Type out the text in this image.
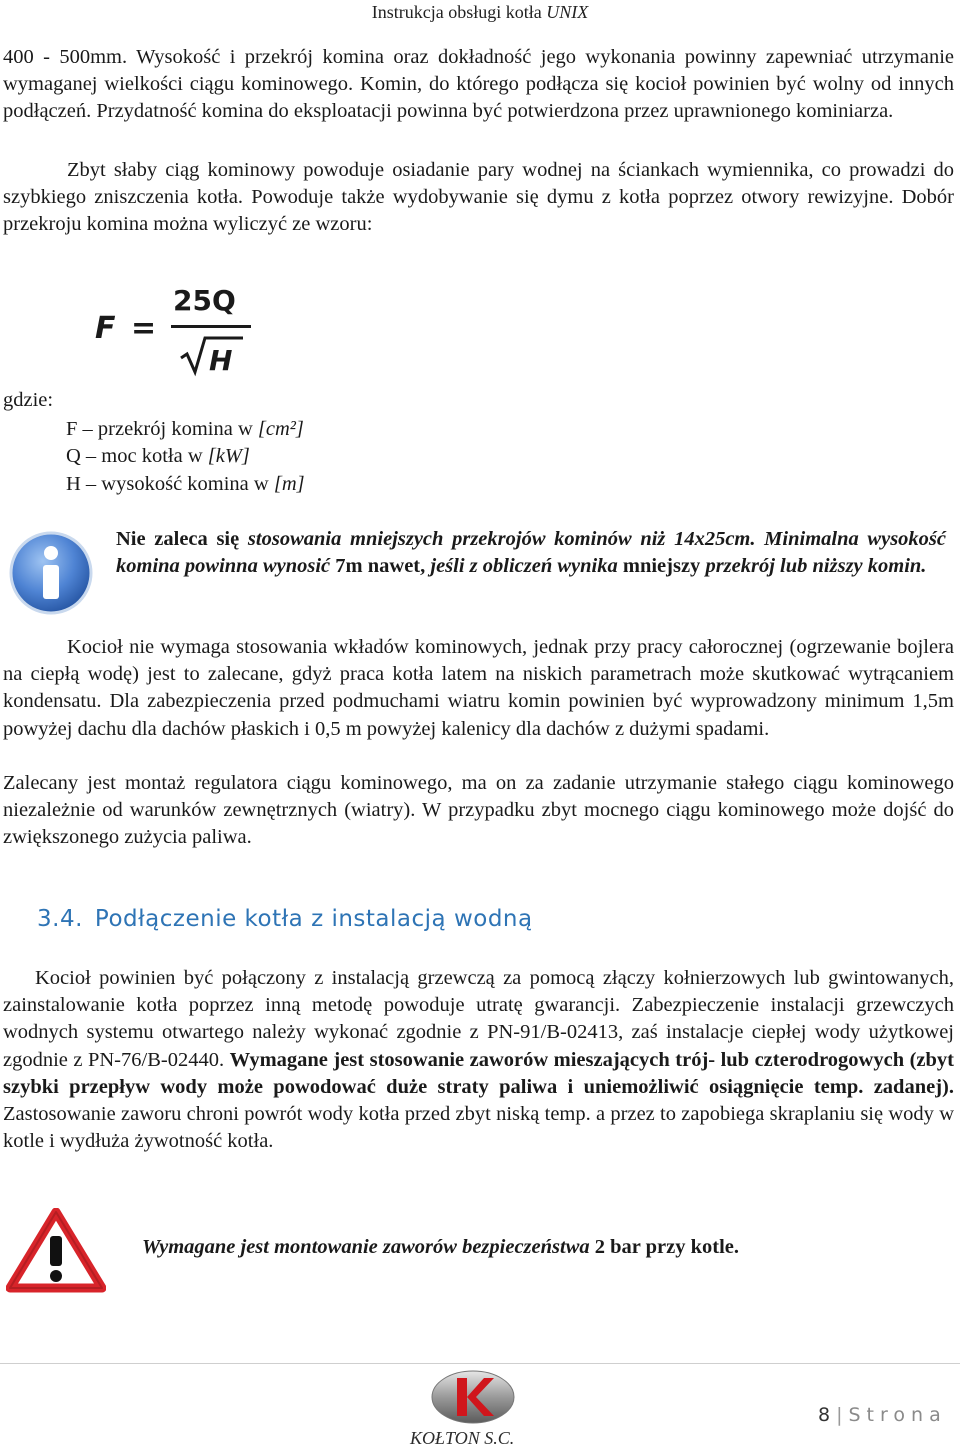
Instrukcja obsługi kotła UNIX

400 - 500mm. Wysokość i przekrój komina oraz dokładność jego wykonania powinny zapewniać utrzymanie wymaganej wielkości ciągu kominowego. Komin, do którego podłącza się kocioł powinien być wolny od innych podłączeń. Przydatność komina do eksploatacji powinna być potwierdzona przez uprawnionego kominiarza.

Zbyt słaby ciąg kominowy powoduje osiadanie pary wodnej na ściankach wymiennika, co prowadzi do szybkiego zniszczenia kotła. Powoduje także wydobywanie się dymu z kotła poprzez otwory rewizyjne. Dobór przekroju komina można wyliczyć ze wzoru:

F =
25Q
H
gdzie:
F – przekrój komina w [cm²]
Q – moc kotła w [kW]
H – wysokość komina w [m]
Nie zaleca się stosowania mniejszych przekrojów kominów niż 14x25cm. Minimalna wysokość komina powinna wynosić 7m nawet, jeśli z obliczeń wynika mniejszy przekrój lub niższy komin.

Kocioł nie wymaga stosowania wkładów kominowych, jednak przy pracy całorocznej (ogrzewanie bojlera na ciepłą wodę) jest to zalecane, gdyż praca kotła latem na niskich parametrach może skutkować wytrącaniem kondensatu. Dla zabezpieczenia przed podmuchami wiatru komin powinien być wyprowadzony minimum 1,5m powyżej dachu dla dachów płaskich i 0,5 m powyżej kalenicy dla dachów z dużymi spadami.

Zalecany jest montaż regulatora ciągu kominowego, ma on za zadanie utrzymanie stałego ciągu kominowego niezależnie od warunków zewnętrznych (wiatry). W przypadku zbyt mocnego ciągu kominowego może dojść do zwiększonego zużycia paliwa.

3.4. Podłączenie kotła z instalacją wodną

Kocioł powinien być połączony z instalacją grzewczą za pomocą złączy kołnierzowych lub gwintowanych, zainstalowanie kotła poprzez inną metodę powoduje utratę gwarancji. Zabezpieczenie instalacji grzewczych wodnych systemu otwartego należy wykonać zgodnie z PN-91/B-02413, zaś instalacje ciepłej wody użytkowej zgodnie z PN-76/B-02440. Wymagane jest stosowanie zaworów mieszających trój- lub czterodrogowych (zbyt szybki przepływ wody może powodować duże straty paliwa i uniemożliwić osiągnięcie temp. zadanej). Zastosowanie zaworu chroni powrót wody kotła przed zbyt niską temp. a przez to zapobiega skraplaniu się wody w kotle i wydłuża żywotność kotła.

Wymagane jest montowanie zaworów bezpieczeństwa 2 bar przy kotle.
KOŁTON S.C.
8 | Strona
